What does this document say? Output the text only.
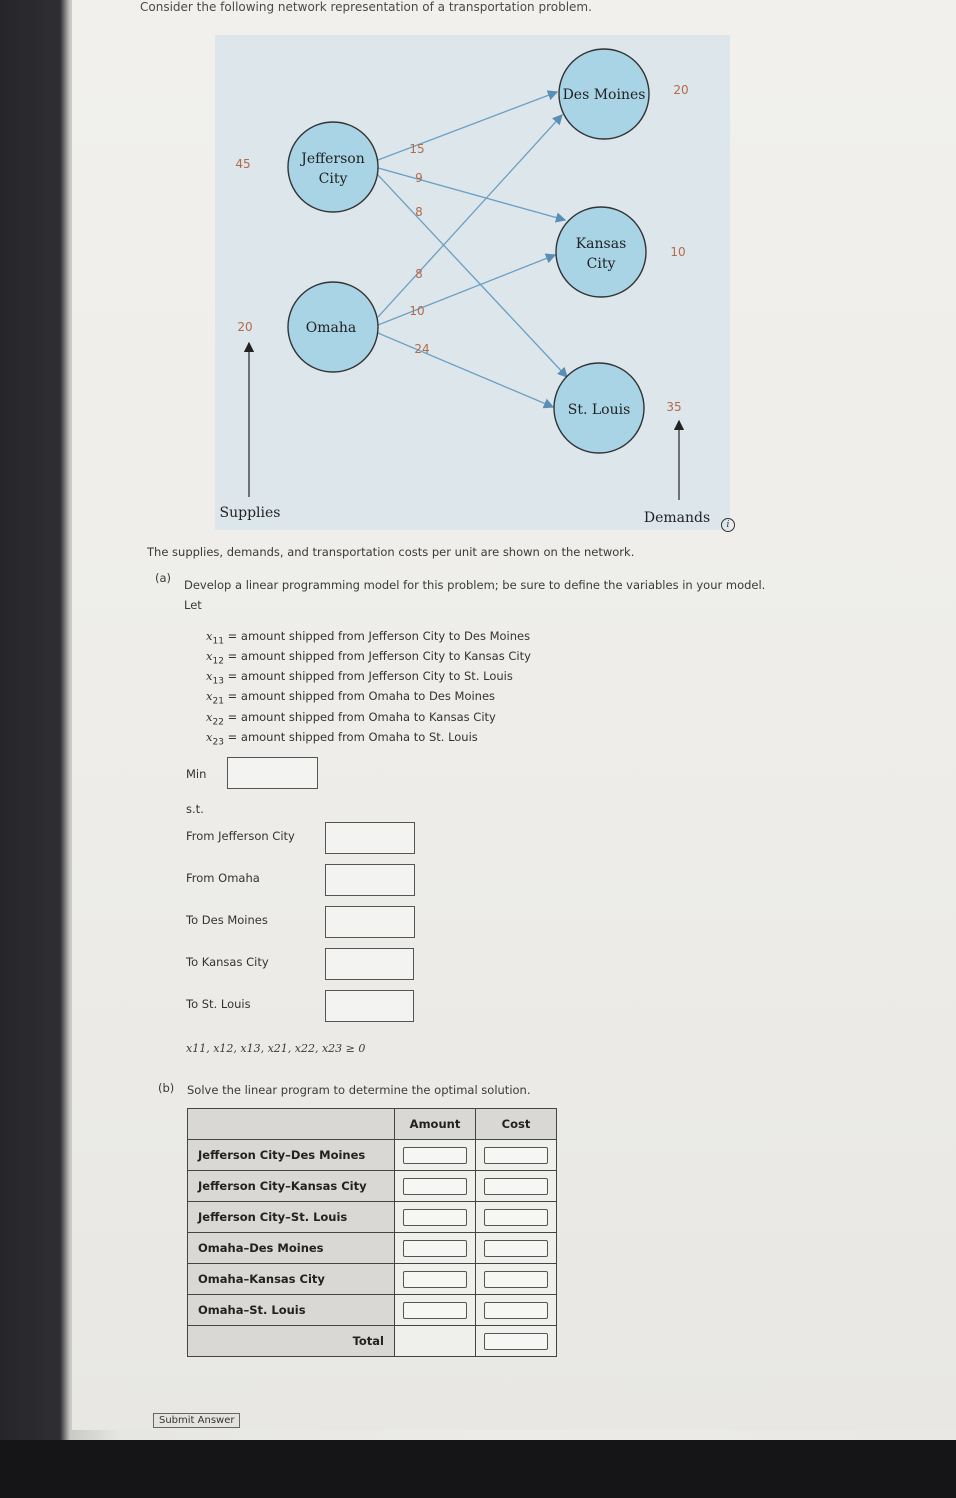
Consider the following network representation of a transportation problem.
Jefferson
City
Omaha
Des Moines
Kansas
City
St. Louis
45
20
20
10
35
15
9
8
8
10
24
Supplies	Demands	i
The supplies, demands, and transportation costs per unit are shown on the network.
(a) Develop a linear programming model for this problem; be sure to define the variables in your model.
Let
$x_{11}$ = amount shipped from Jefferson City to Des Moines
$x_{12}$ = amount shipped from Jefferson City to Kansas City
$x_{13}$ = amount shipped from Jefferson City to St. Louis
$x_{21}$ = amount shipped from Omaha to Des Moines
$x_{22}$ = amount shipped from Omaha to Kansas City
$x_{23}$ = amount shipped from Omaha to St. Louis
Min
s.t.
From Jefferson City
From Omaha
To Des Moines
To Kansas City
To St. Louis
x11, x12, x13, x21, x22, x23 ≥ 0
(b) Solve the linear program to determine the optimal solution.
	Amount	Cost
Jefferson City–Des Moines		
Jefferson City–Kansas City		
Jefferson City–St. Louis		
Omaha–Des Moines		
Omaha–Kansas City		
Omaha–St. Louis		
Total		
Submit Answer
